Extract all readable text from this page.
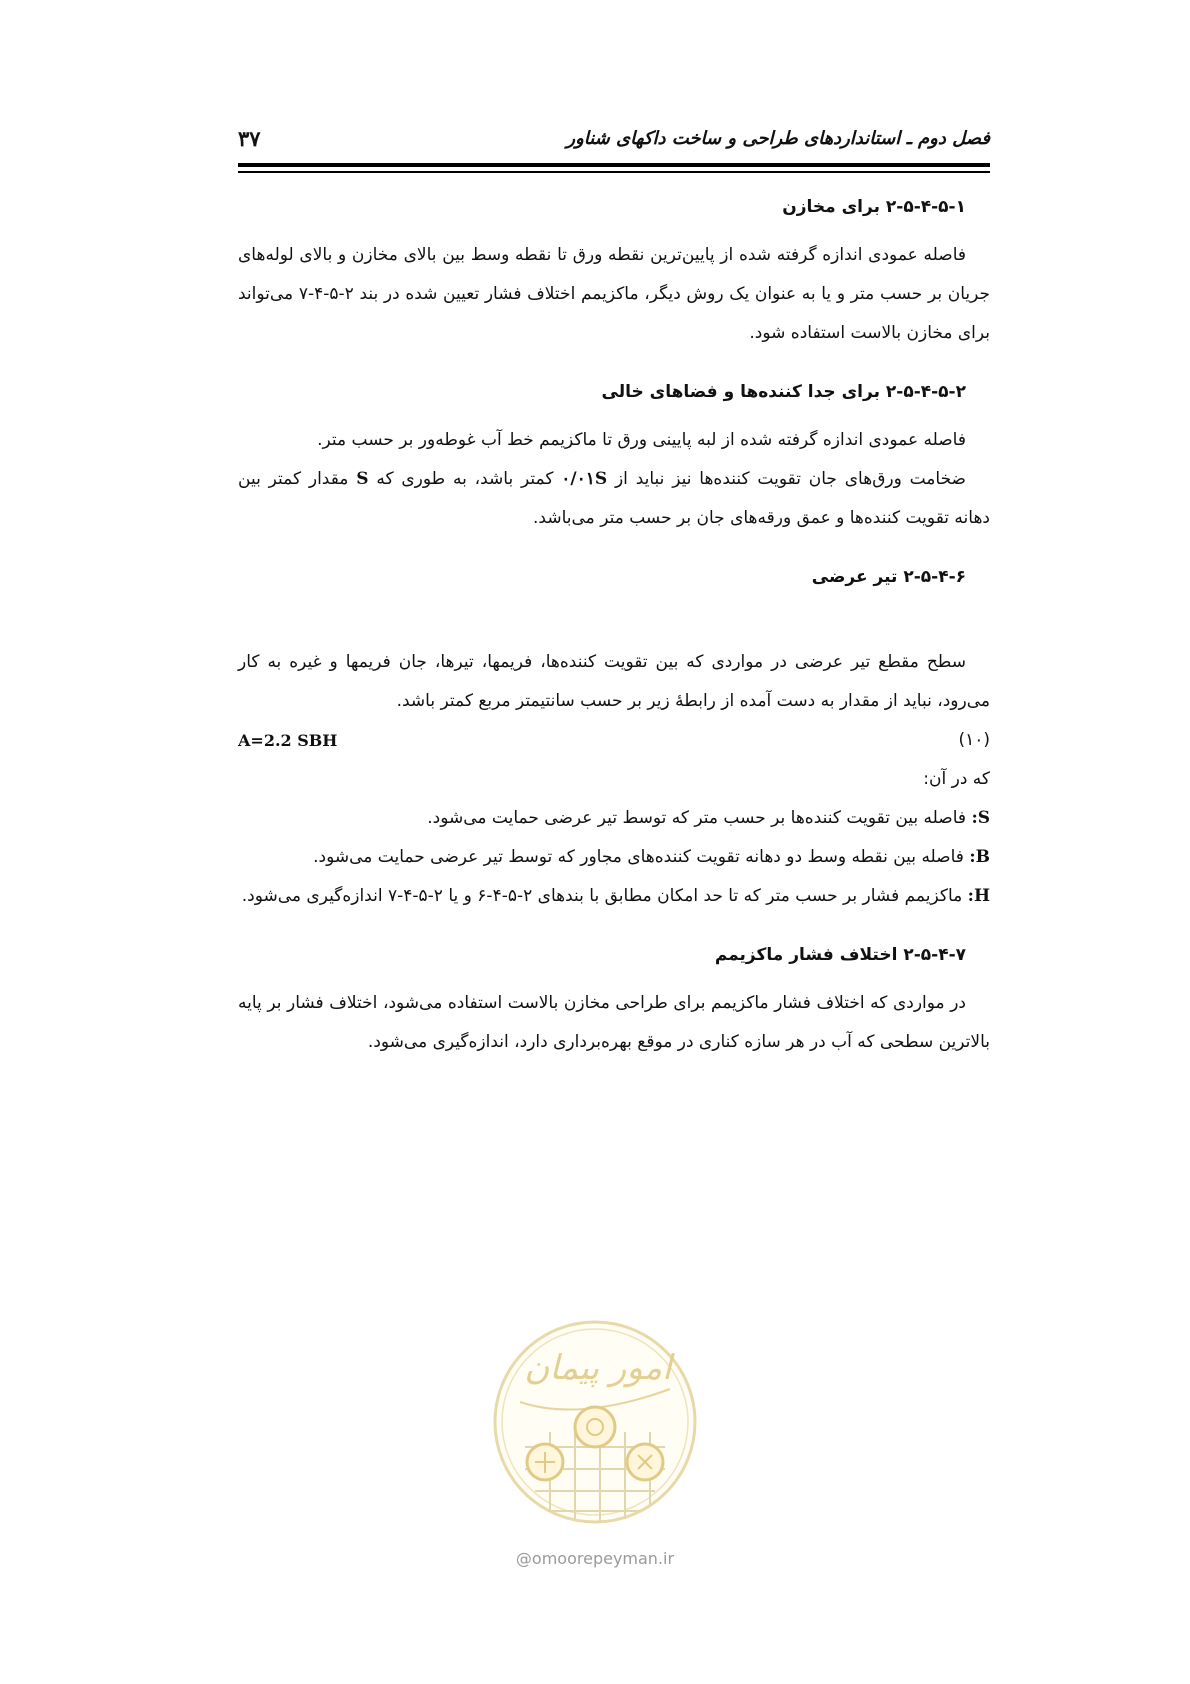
فصل دوم ـ استانداردهای طراحی و ساخت داکهای شناور
۳۷
۲-۵-۴-۵-۱ برای مخازن

فاصله عمودی اندازه گرفته شده از پایین‌ترین نقطه ورق تا نقطه وسط بین بالای مخازن و بالای لوله‌های جریان بر حسب متر و یا به عنوان یک روش دیگر، ماکزیمم اختلاف فشار تعیین شده در بند ۲-۵-۴-۷ می‌تواند برای مخازن بالاست استفاده شود.

۲-۵-۴-۵-۲ برای جدا کننده‌ها و فضاهای خالی

فاصله عمودی اندازه گرفته شده از لبه پایینی ورق تا ماکزیمم خط آب غوطه‌ور بر حسب متر.

ضخامت ورق‌های جان تقویت کننده‌ها نیز نباید از ۰/۰۱S کمتر باشد، به طوری که S مقدار کمتر بین دهانه تقویت کننده‌ها و عمق ورقه‌های جان بر حسب متر می‌باشد.

۲-۵-۴-۶ تیر عرضی

سطح مقطع تیر عرضی در مواردی که بین تقویت کننده‌ها، فریمها، تیرها، جان فریمها و غیره به کار می‌رود، نباید از مقدار به دست آمده از رابطهٔ زیر بر حسب سانتیمتر مربع کمتر باشد.

A=2.2 SBH	(۱۰)

که در آن:

S: فاصله بین تقویت کننده‌ها بر حسب متر که توسط تیر عرضی حمایت می‌شود.

B: فاصله بین نقطه وسط دو دهانه تقویت کننده‌های مجاور که توسط تیر عرضی حمایت می‌شود.

H: ماکزیمم فشار بر حسب متر که تا حد امکان مطابق با بندهای ۲-۵-۴-۶ و یا ۲-۵-۴-۷ اندازه‌گیری می‌شود.

۲-۵-۴-۷ اختلاف فشار ماکزیمم

در مواردی که اختلاف فشار ماکزیمم برای طراحی مخازن بالاست استفاده می‌شود، اختلاف فشار بر پایه بالاترین سطحی که آب در هر سازه کناری در موقع بهره‌برداری دارد، اندازه‌گیری می‌شود.

امور پیمان
@omoorepeyman.ir
